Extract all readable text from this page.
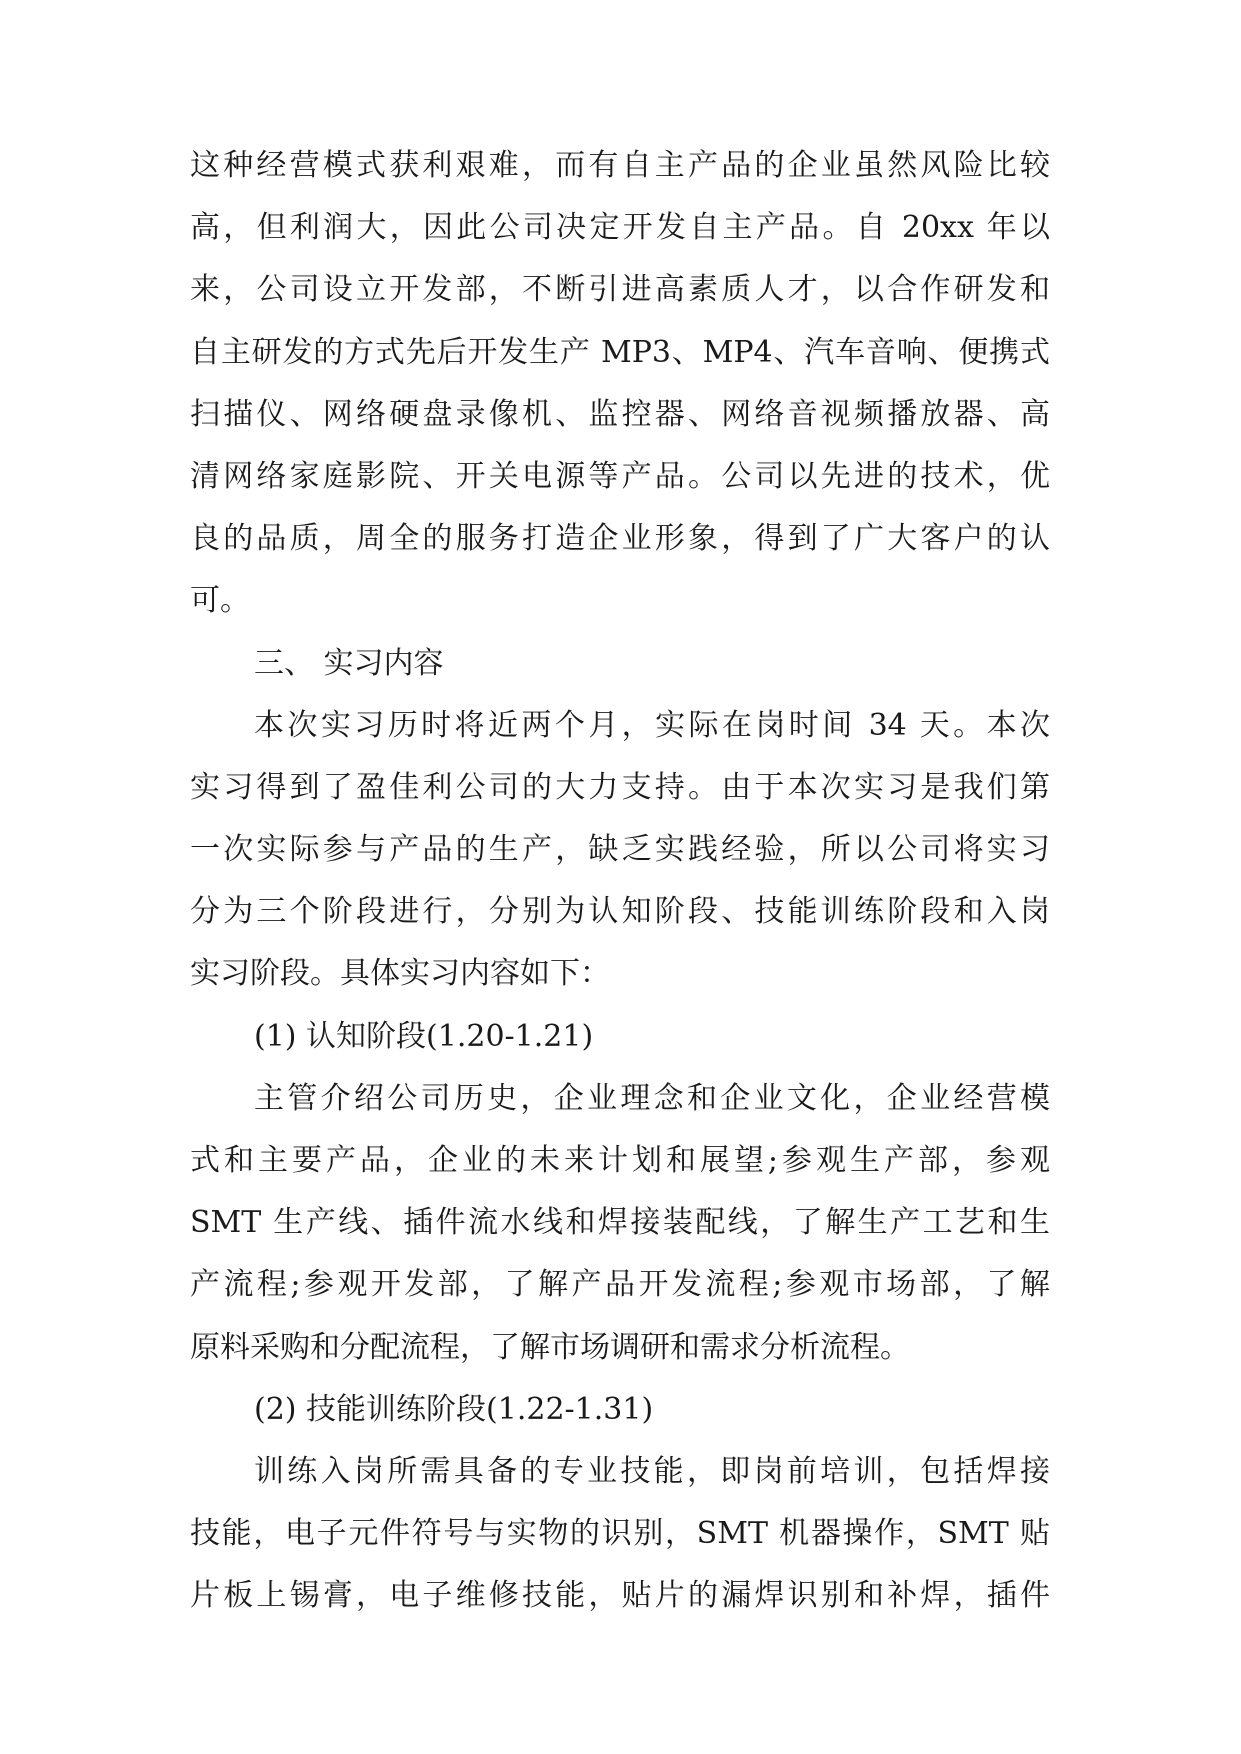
这种经营模式获利艰难，而有自主产品的企业虽然风险比较
高，但利润大，因此公司决定开发自主产品。自 20xx 年以
来，公司设立开发部，不断引进高素质人才，以合作研发和
自主研发的方式先后开发生产 MP3、MP4、汽车音响、便携式
扫描仪、网络硬盘录像机、监控器、网络音视频播放器、高
清网络家庭影院、开关电源等产品。公司以先进的技术，优
良的品质，周全的服务打造企业形象，得到了广大客户的认
可。
三、 实习内容
本次实习历时将近两个月，实际在岗时间 34 天。本次
实习得到了盈佳利公司的大力支持。由于本次实习是我们第
一次实际参与产品的生产，缺乏实践经验，所以公司将实习
分为三个阶段进行，分别为认知阶段、技能训练阶段和入岗
实习阶段。具体实习内容如下：
(1) 认知阶段(1.20-1.21)
主管介绍公司历史，企业理念和企业文化，企业经营模
式和主要产品，企业的未来计划和展望;参观生产部，参观
SMT 生产线、插件流水线和焊接装配线，了解生产工艺和生
产流程;参观开发部，了解产品开发流程;参观市场部，了解
原料采购和分配流程，了解市场调研和需求分析流程。
(2) 技能训练阶段(1.22-1.31)
训练入岗所需具备的专业技能，即岗前培训，包括焊接
技能，电子元件符号与实物的识别，SMT 机器操作，SMT 贴
片板上锡膏，电子维修技能，贴片的漏焊识别和补焊，插件
